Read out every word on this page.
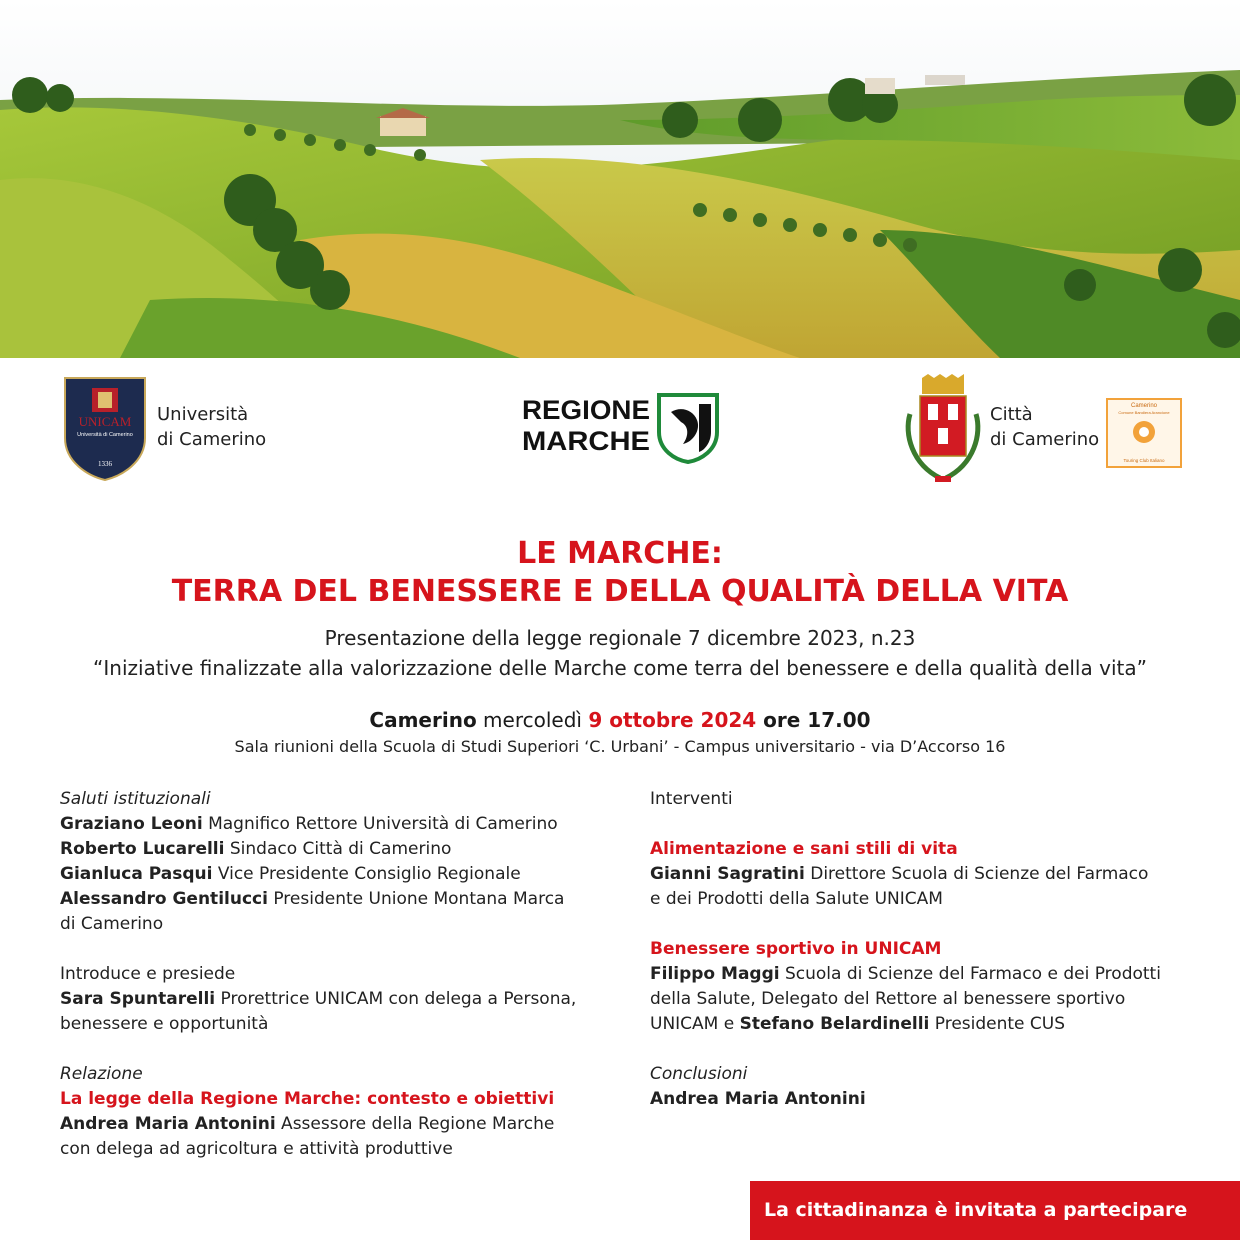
UNICAM
Università di Camerino
1336
Università
di Camerino
REGIONE
MARCHE
Città
di Camerino
Camerino
Comune Bandiera Arancione
Touring Club Italiano
LE MARCHE:
TERRA DEL BENESSERE E DELLA QUALITÀ DELLA VITA
Presentazione della legge regionale 7 dicembre 2023, n.23
“Iniziative finalizzate alla valorizzazione delle Marche come terra del benessere e della qualità della vita”
Camerino mercoledì 9 ottobre 2024 ore 17.00
Sala riunioni della Scuola di Studi Superiori ‘C. Urbani’ - Campus universitario - via D’Accorso 16
Saluti istituzionali
Graziano Leoni Magnifico Rettore Università di Camerino
Roberto Lucarelli Sindaco Città di Camerino
Gianluca Pasqui Vice Presidente Consiglio Regionale
Alessandro Gentilucci Presidente Unione Montana Marca
di Camerino
Introduce e presiede
Sara Spuntarelli Prorettrice UNICAM con delega a Persona,
benessere e opportunità
Relazione
La legge della Regione Marche: contesto e obiettivi
Andrea Maria Antonini Assessore della Regione Marche
con delega ad agricoltura e attività produttive
Interventi
Alimentazione e sani stili di vita
Gianni Sagratini Direttore Scuola di Scienze del Farmaco
e dei Prodotti della Salute UNICAM
Benessere sportivo in UNICAM
Filippo Maggi Scuola di Scienze del Farmaco e dei Prodotti
della Salute, Delegato del Rettore al benessere sportivo
UNICAM e Stefano Belardinelli Presidente CUS
Conclusioni
Andrea Maria Antonini
La cittadinanza è invitata a partecipare
